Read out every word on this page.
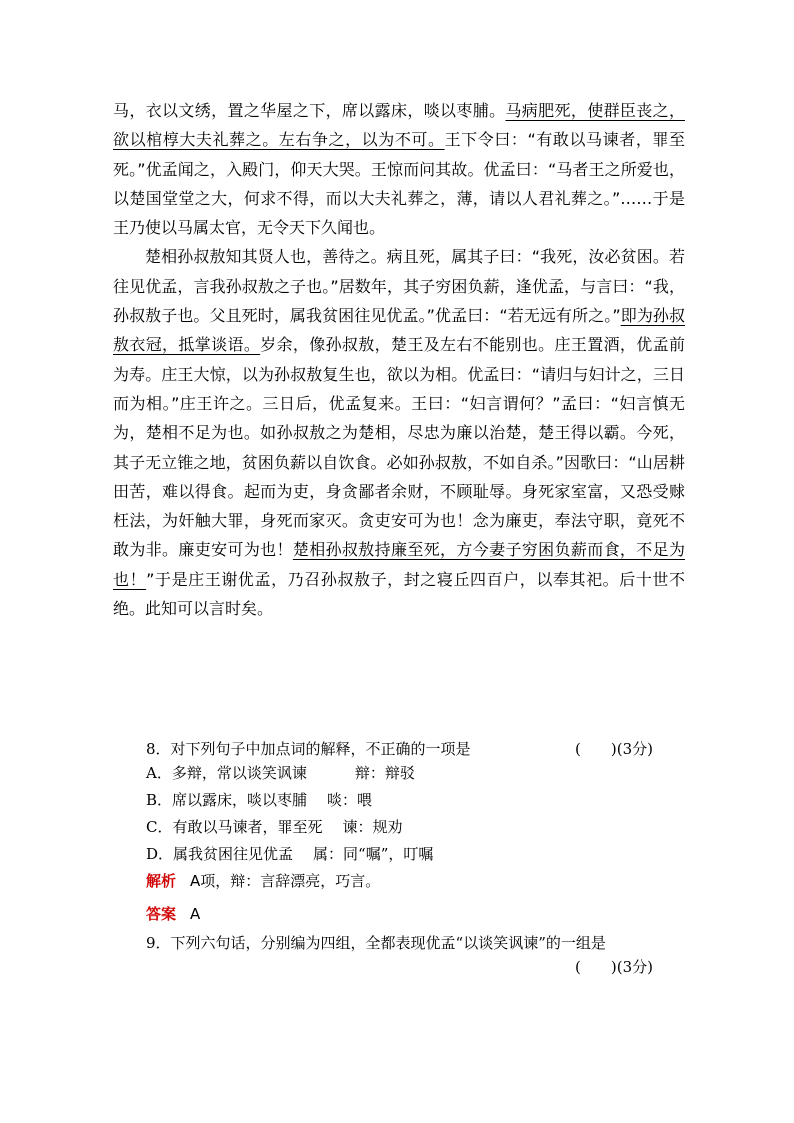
马，衣以文绣，置之华屋之下，席以露床，啖以枣脯。马病肥死，使群臣丧之，欲以棺椁大夫礼葬之。左右争之，以为不可。王下令曰：“有敢以马谏者，罪至死。”优孟闻之，入殿门，仰天大哭。王惊而问其故。优孟曰：“马者王之所爱也，以楚国堂堂之大，何求不得，而以大夫礼葬之，薄，请以人君礼葬之。”……于是王乃使以马属太官，无令天下久闻也。

楚相孙叔敖知其贤人也，善待之。病且死，属其子曰：“我死，汝必贫困。若往见优孟，言我孙叔敖之子也。”居数年，其子穷困负薪，逢优孟，与言曰：“我，孙叔敖子也。父且死时，属我贫困往见优孟。”优孟曰：“若无远有所之。”即为孙叔敖衣冠，抵掌谈语。岁余，像孙叔敖，楚王及左右不能别也。庄王置酒，优孟前为寿。庄王大惊，以为孙叔敖复生也，欲以为相。优孟曰：“请归与妇计之，三日而为相。”庄王许之。三日后，优孟复来。王曰：“妇言谓何？”孟曰：“妇言慎无为，楚相不足为也。如孙叔敖之为楚相，尽忠为廉以治楚，楚王得以霸。今死，其子无立锥之地，贫困负薪以自饮食。必如孙叔敖，不如自杀。”因歌曰：“山居耕田苦，难以得食。起而为吏，身贪鄙者余财，不顾耻辱。身死家室富，又恐受赇枉法，为奸触大罪，身死而家灭。贪吏安可为也！念为廉吏，奉法守职，竟死不敢为非。廉吏安可为也！楚相孙叔敖持廉至死，方今妻子穷困负薪而食，不足为也！”于是庄王谢优孟，乃召孙叔敖子，封之寝丘四百户，以奉其祀。后十世不绝。此知可以言时矣。

8．对下列句子中加点词的解释，不正确的一项是	(　　)(3分)
A．多辩，常以谈笑讽谏	辩：辩驳
B．席以露床，啖以枣脯 啖：喂
C．有敢以马谏者，罪至死 谏：规劝
D．属我贫困往见优孟 属：同“嘱”，叮嘱
解析 A项，辩：言辞漂亮，巧言。
答案 A
9．下列六句话，分别编为四组，全都表现优孟“以谈笑讽谏”的一组是
(　　)(3分)
